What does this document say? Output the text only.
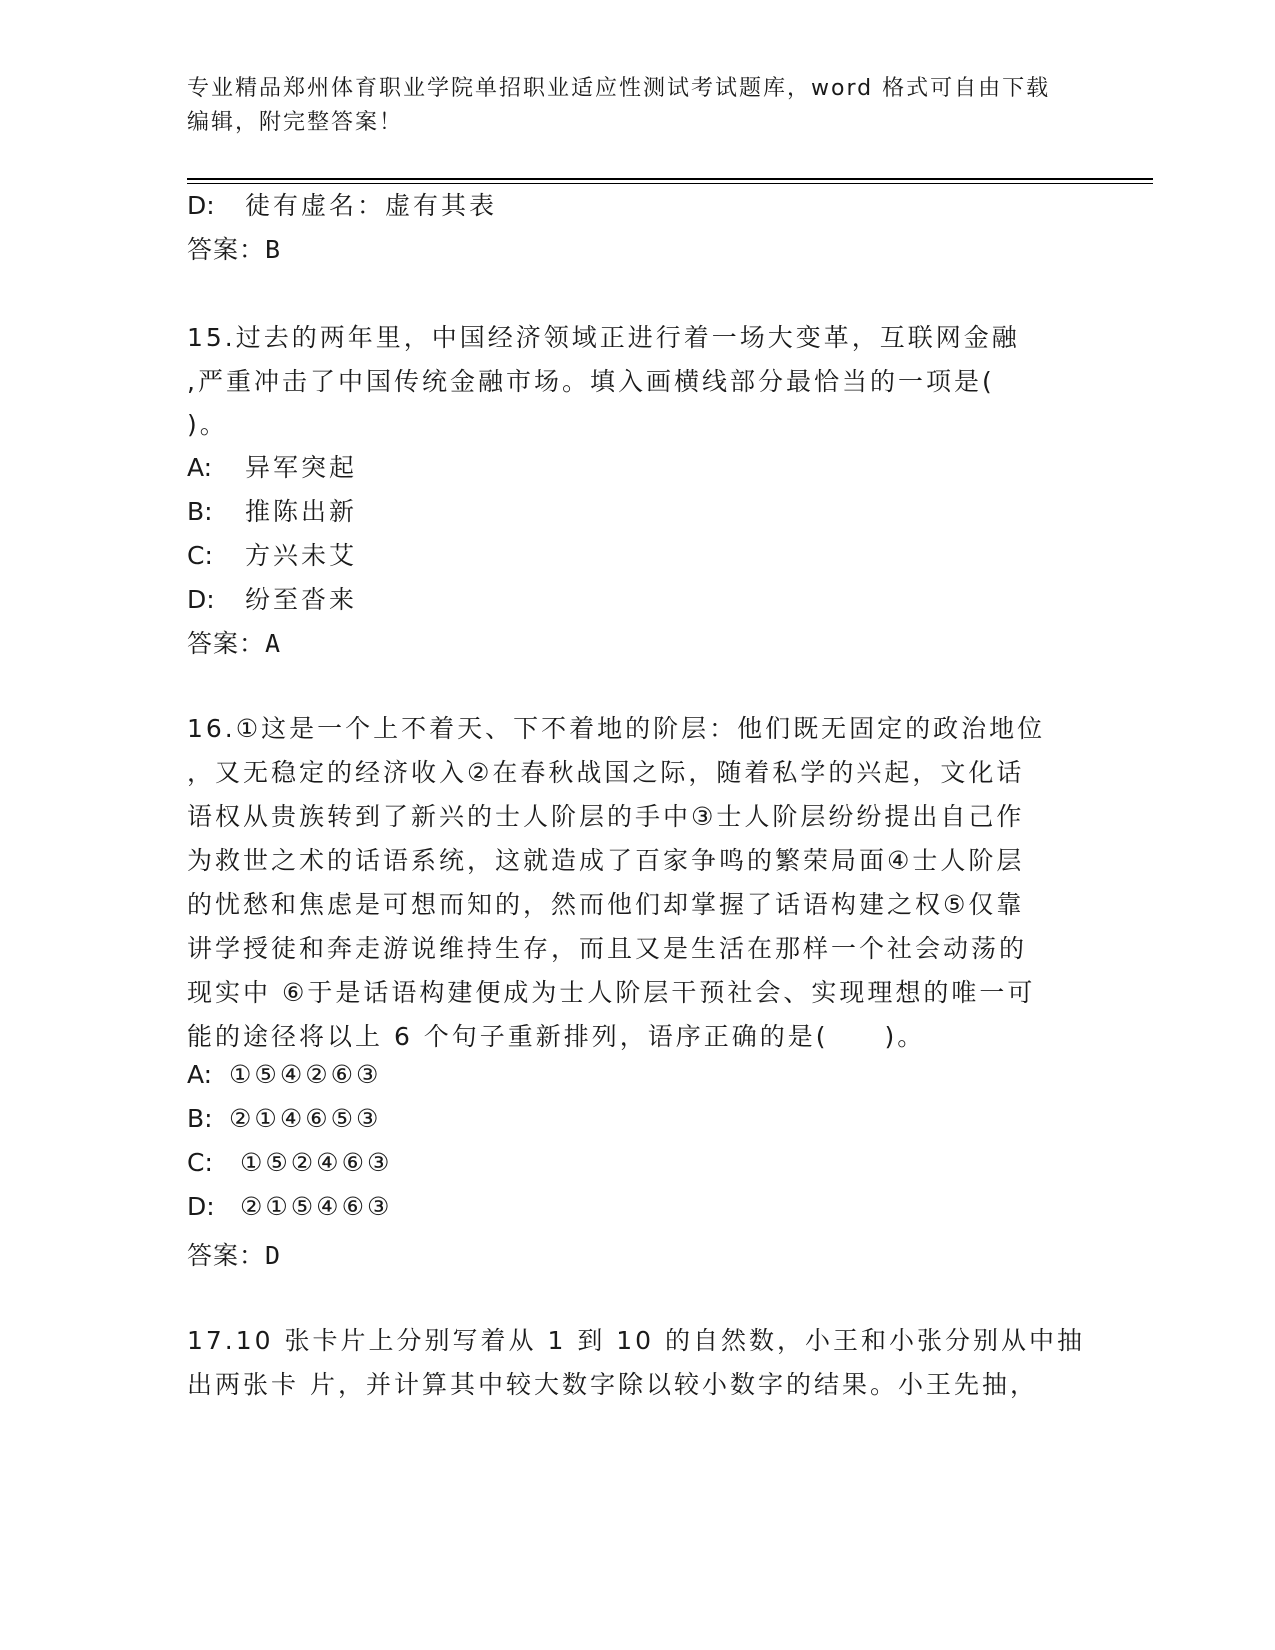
专业精品郑州体育职业学院单招职业适应性测试考试题库，word 格式可自由下载
编辑，附完整答案！
D: 徒有虚名：虚有其表
答案：B
15.过去的两年里，中国经济领域正进行着一场大变革，互联网金融
,严重冲击了中国传统金融市场。填入画横线部分最恰当的一项是(
)。
A: 异军突起
B: 推陈出新
C: 方兴未艾
D: 纷至沓来
答案：A
16.①这是一个上不着天、下不着地的阶层：他们既无固定的政治地位
，又无稳定的经济收入②在春秋战国之际，随着私学的兴起，文化话
语权从贵族转到了新兴的士人阶层的手中③士人阶层纷纷提出自己作
为救世之术的话语系统，这就造成了百家争鸣的繁荣局面④士人阶层
的忧愁和焦虑是可想而知的，然而他们却掌握了话语构建之权⑤仅靠
讲学授徒和奔走游说维持生存，而且又是生活在那样一个社会动荡的
现实中 ⑥于是话语构建便成为士人阶层干预社会、实现理想的唯一可
能的途径将以上 6 个句子重新排列，语序正确的是(　　)。
A: ①⑤④②⑥③
B: ②①④⑥⑤③
C: ①⑤②④⑥③
D: ②①⑤④⑥③
答案：D
17.10 张卡片上分别写着从 1 到 10 的自然数，小王和小张分别从中抽
出两张卡 片，并计算其中较大数字除以较小数字的结果。小王先抽，
